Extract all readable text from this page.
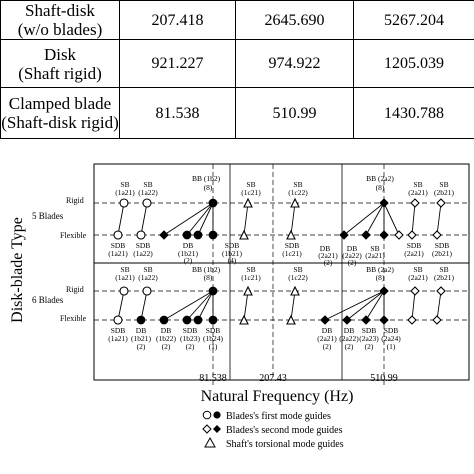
Shaft-disk
(w/o blades)	207.418	2645.690	5267.204
Disk
(Shaft rigid)	921.227	974.922	1205.039
Clamped blade
(Shaft-disk rigid)	81.538	510.99	1430.788
Disk-blade Type
Natural Frequency (Hz)
5 Blades
6 Blades
Rigid
Flexible
Rigid
Flexible
81.538	207.43	510.99
SB
(1a21)
SB
(1a22)
BB (1b2)
(8)	SB
(1c21)
SB
(1c22)
BB (2a2)
(8)	SB
(2a21)
SB
(2b21)
SDB
(1a21)
SDB
(1a22)
DB
(1b21)
(2)
SDB
(1b21)
(4)
SDB
(1c21)
DB
(2a21)
(2)
DB
(2a22)
(2)
SB
(2a21)
SDB
(2a21)
SDB
(2b21)
SB
(1a21)
SB
(1a22)
BB (1b2)
(8)
SB
(1c21)
SB
(1c22)
BB (2a2)
(8)
SB
(2a21)
SB
(2b21)
SDB
(1a21)
DB
(1b21)
(2)
DB
(1b22)
(2)
SDB
(1b23)
(2)
SDB
(1b24)
(1)
DB
(2a21)
(2)
DB
(2a22)
(2)
SDB
(2a23)
(2)
SDB
(2a24)
(1)
Blades's first mode guides
Blades's second mode guides
Shaft's torsional mode guides
